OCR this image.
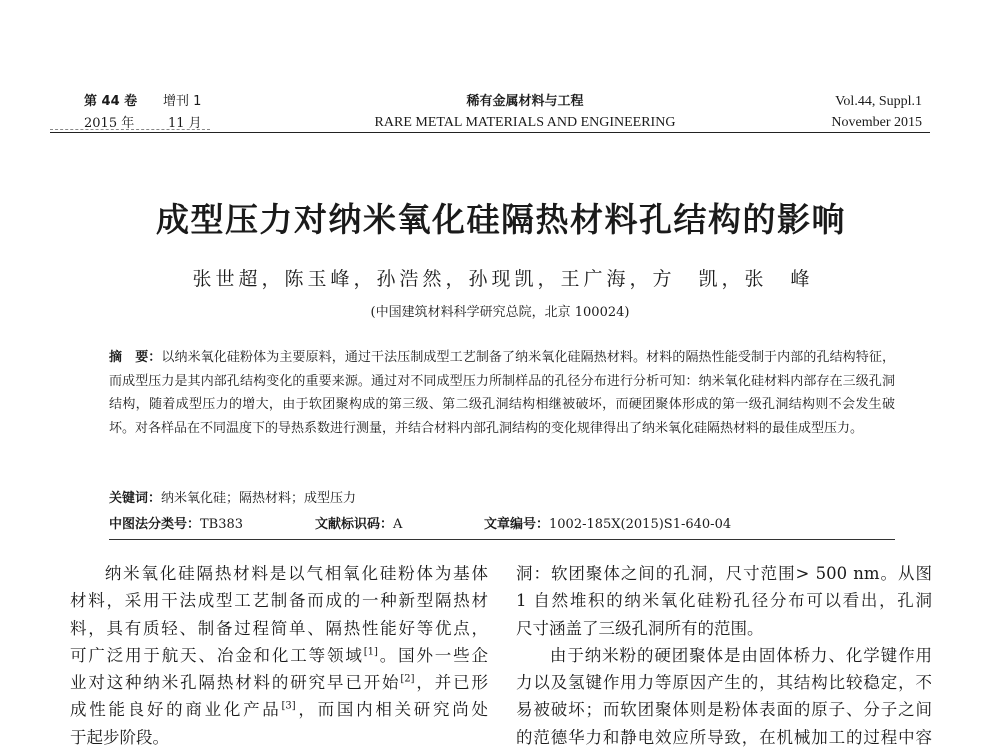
第 44 卷 增刊 1
2015 年	11 月
稀有金属材料与工程
RARE METAL MATERIALS AND ENGINEERING
Vol.44, Suppl.1
November 2015
成型压力对纳米氧化硅隔热材料孔结构的影响
张世超，陈玉峰，孙浩然，孙现凯，王广海，方　凯，张　峰
(中国建筑材料科学研究总院，北京 100024)
摘　要：以纳米氧化硅粉体为主要原料，通过干法压制成型工艺制备了纳米氧化硅隔热材料。材料的隔热性能受制于内部的孔结构特征，而成型压力是其内部孔结构变化的重要来源。通过对不同成型压力所制样品的孔径分布进行分析可知：纳米氧化硅材料内部存在三级孔洞结构，随着成型压力的增大，由于软团聚构成的第三级、第二级孔洞结构相继被破坏，而硬团聚体形成的第一级孔洞结构则不会发生破坏。对各样品在不同温度下的导热系数进行测量，并结合材料内部孔洞结构的变化规律得出了纳米氧化硅隔热材料的最佳成型压力。
关键词：纳米氧化硅；隔热材料；成型压力
中图法分类号：TB383	文献标识码：A	文章编号：1002-185X(2015)S1-640-04

纳米氧化硅隔热材料是以气相氧化硅粉体为基体

材料，采用干法成型工艺制备而成的一种新型隔热材

料，具有质轻、制备过程简单、隔热性能好等优点，

可广泛用于航天、冶金和化工等领域[1]。国外一些企

业对这种纳米孔隔热材料的研究早已开始[2]，并已形

成性能良好的商业化产品[3]，而国内相关研究尚处

于起步阶段。

洞：软团聚体之间的孔洞，尺寸范围> 500 nm。从图

1 自然堆积的纳米氧化硅粉孔径分布可以看出，孔洞

尺寸涵盖了三级孔洞所有的范围。

由于纳米粉的硬团聚体是由固体桥力、化学键作用

力以及氢键作用力等原因产生的，其结构比较稳定，不

易被破坏；而软团聚体则是粉体表面的原子、分子之间

的范德华力和静电效应所导致，在机械加工的过程中容
